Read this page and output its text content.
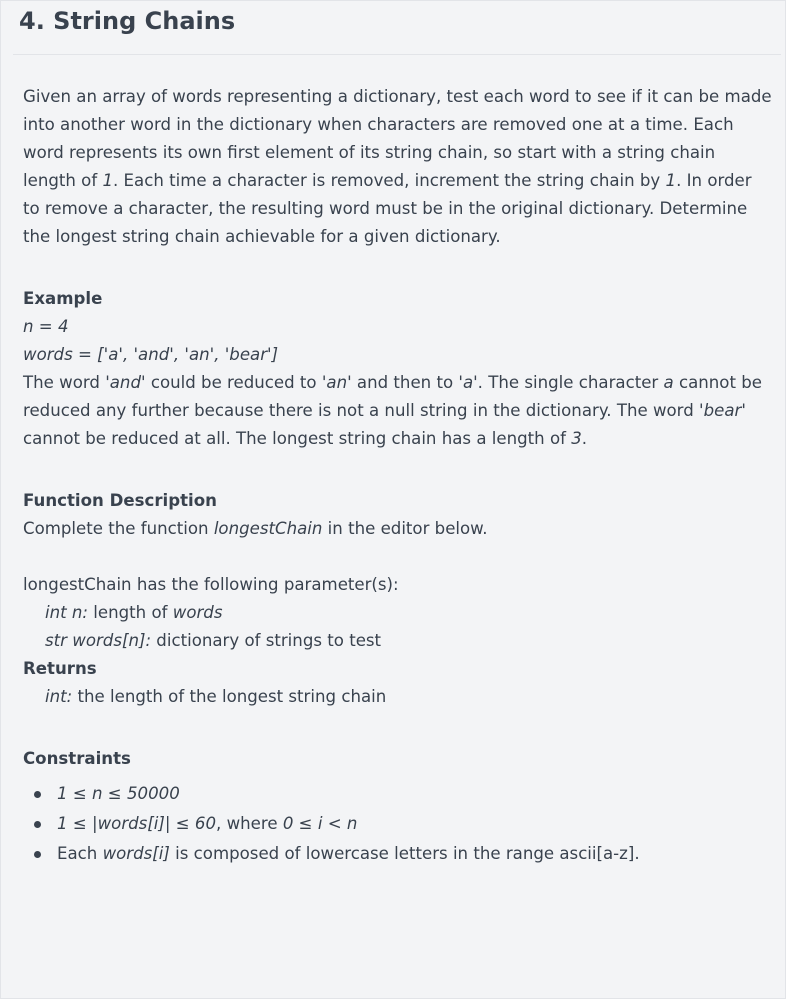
4. String Chains

Given an array of words representing a dictionary, test each word to see if it can be made into another word in the dictionary when characters are removed one at a time. Each word represents its own first element of its string chain, so start with a string chain length of 1. Each time a character is removed, increment the string chain by 1. In order to remove a character, the resulting word must be in the original dictionary. Determine the longest string chain achievable for a given dictionary.

Example

n = 4

words = ['a', 'and', 'an', 'bear']

The word 'and' could be reduced to 'an' and then to 'a'. The single character a cannot be reduced any further because there is not a null string in the dictionary. The word 'bear' cannot be reduced at all. The longest string chain has a length of 3.

Function Description

Complete the function longestChain in the editor below.

longestChain has the following parameter(s):

int n: length of words

str words[n]: dictionary of strings to test

Returns

int: the length of the longest string chain

Constraints

1 ≤ n ≤ 50000
1 ≤ |words[i]| ≤ 60, where 0 ≤ i < n
Each words[i] is composed of lowercase letters in the range ascii[a-z].
